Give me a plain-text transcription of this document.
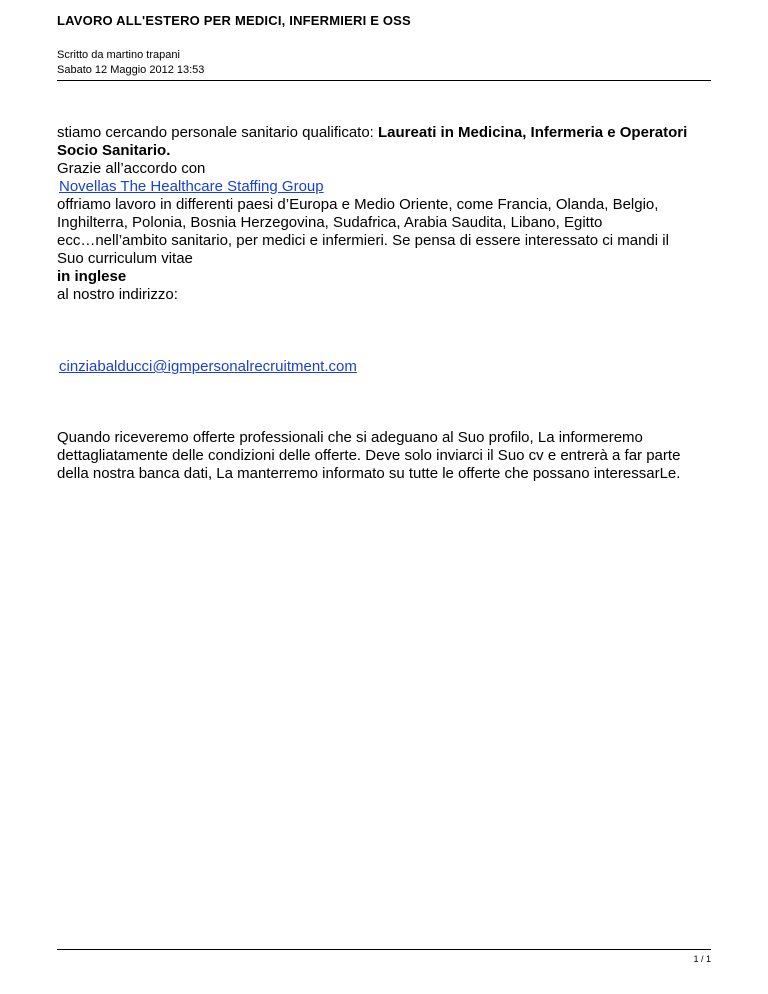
LAVORO ALL'ESTERO PER MEDICI, INFERMIERI E OSS
Scritto da martino trapani
Sabato 12 Maggio 2012 13:53
stiamo cercando personale sanitario qualificato: Laureati in Medicina, Infermeria e Operatori
Socio Sanitario.
Grazie all’accordo con
Novellas The Healthcare Staffing Group
offriamo lavoro in differenti paesi d’Europa e Medio Oriente, come Francia, Olanda, Belgio,
Inghilterra, Polonia, Bosnia Herzegovina, Sudafrica, Arabia Saudita, Libano, Egitto
ecc…nell’ambito sanitario, per medici e infermieri. Se pensa di essere interessato ci mandi il
Suo curriculum vitae
in inglese
al nostro indirizzo:
cinziabalducci@igmpersonalrecruitment.com
Quando riceveremo offerte professionali che si adeguano al Suo profilo, La informeremo
dettagliatamente delle condizioni delle offerte. Deve solo inviarci il Suo cv e entrerà a far parte
della nostra banca dati, La manterremo informato su tutte le offerte che possano interessarLe.
1 / 1
